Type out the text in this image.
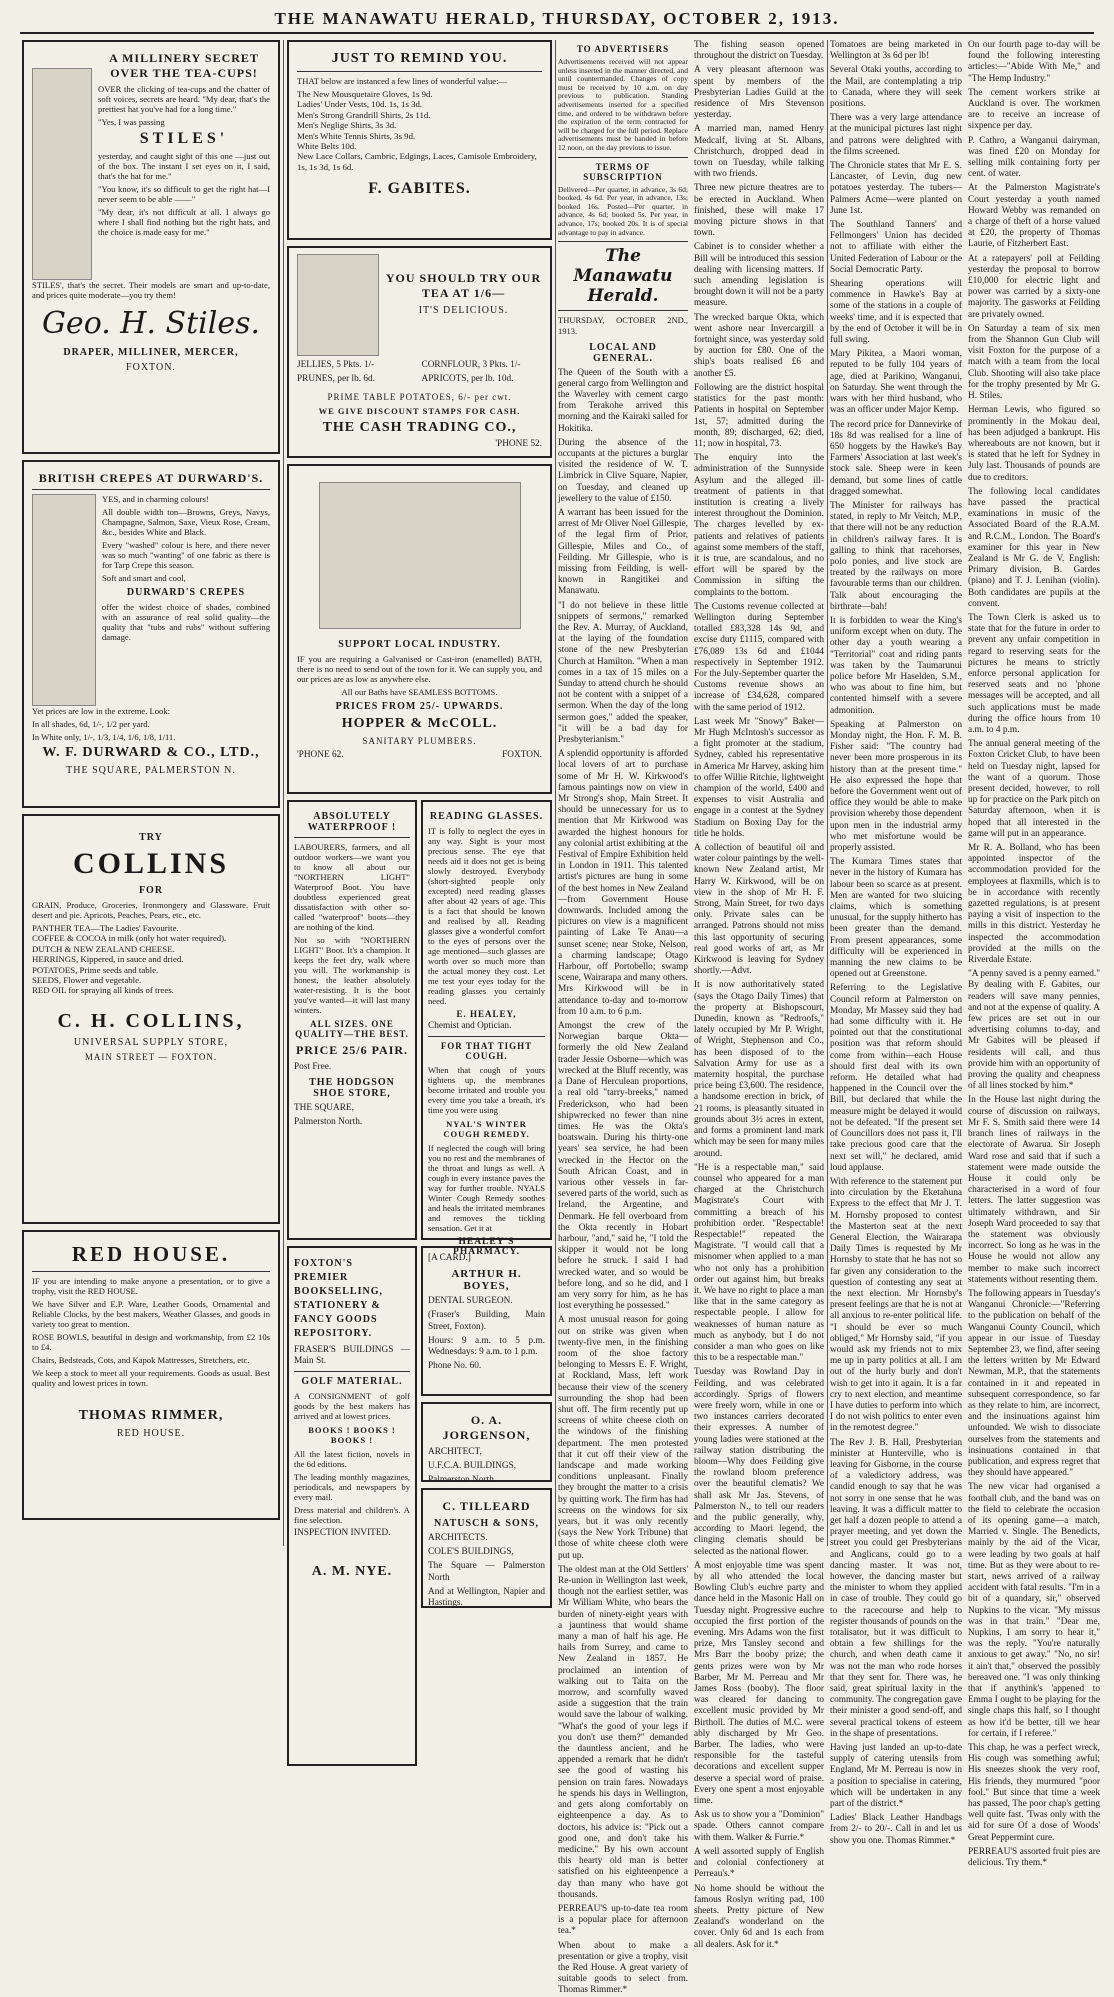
THE MANAWATU HERALD, THURSDAY, OCTOBER 2, 1913.
A MILLINERY SECRET OVER THE TEA-CUPS!

OVER the clicking of tea-cups and the chatter of soft voices, secrets are heard. "My dear, that's the prettiest hat you've had for a long time."

"Yes, I was passing

STILES'

yesterday, and caught sight of this one —just out of the box. The instant I set eyes on it, I said, that's the hat for me."

"You know, it's so difficult to get the right hat—I never seem to be able ——"

"My dear, it's not difficult at all. I always go where I shall find nothing but the right hats, and the choice is made easy for me."

STILES', that's the secret. Their models are smart and up-to-date, and prices quite moderate—you try them!

Geo. H. Stiles.
DRAPER, MILLINER, MERCER,
FOXTON.
BRITISH CREPES AT DURWARD'S.

YES, and in charming colours!

All double width ton—Browns, Greys, Navys, Champagne, Salmon, Saxe, Vieux Rose, Cream, &c., besides White and Black.

Every "washed" colour is here, and there never was so much "wanting" of one fabric as there is for Tarp Crepe this season.

Soft and smart and cool,

DURWARD'S CREPES

offer the widest choice of shades, combined with an assurance of real solid quality—the quality that "tubs and rubs" without suffering damage.

Yet prices are low in the extreme. Look:

In all shades, 6d, 1/-, 1/2 per yard.

In White only, 1/-, 1/3, 1/4, 1/6, 1/8, 1/11.

W. F. DURWARD & CO., LTD.,
THE SQUARE, PALMERSTON N.
TRY
COLLINS
FOR

GRAIN, Produce, Groceries, Ironmongery and Glassware. Fruit desert and pie. Apricots, Peaches, Pears, etc., etc.

PANTHER TEA—The Ladies' Favourite.
COFFEE & COCOA in milk (only hot water required).
DUTCH & NEW ZEALAND CHEESE.
HERRINGS, Kippered, in sauce and dried.
POTATOES, Prime seeds and table.
SEEDS, Flower and vegetable.
RED OIL for spraying all kinds of trees.
C. H. COLLINS,
UNIVERSAL SUPPLY STORE,
MAIN STREET — FOXTON.
RED HOUSE.

IF you are intending to make anyone a presentation, or to give a trophy, visit the RED HOUSE.

We have Silver and E.P. Ware, Leather Goods, Ornamental and Reliable Clocks, by the best makers, Weather Glasses, and goods in variety too great to mention.

ROSE BOWLS, beautiful in design and workmanship, from £2 10s to £4.

Chairs, Bedsteads, Cots, and Kapok Mattresses, Stretchers, etc.

We keep a stock to meet all your requirements. Goods as usual. Best quality and lowest prices in town.

THOMAS RIMMER,
RED HOUSE.
JUST TO REMIND YOU.

THAT below are instanced a few lines of wonderful value:—

The New Mousquetaire Gloves, 1s 9d.
Ladies' Under Vests, 10d. 1s, 1s 3d.
Men's Strong Grandrill Shirts, 2s 11d.
Men's Neglige Shirts, 3s 3d.
Men's White Tennis Shirts, 3s 9d.
White Belts 10d.
New Lace Collars, Cambric, Edgings, Laces, Camisole Embroidery, 1s, 1s 3d, 1s 6d.
F. GABITES.
YOU SHOULD TRY OUR TEA AT 1/6—
IT'S DELICIOUS.
JELLIES, 5 Pkts. 1/-	CORNFLOUR, 3 Pkts. 1/-
PRUNES, per lb. 6d.	APRICOTS, per lb. 10d.
PRIME TABLE POTATOES, 6/- per cwt.
WE GIVE DISCOUNT STAMPS FOR CASH.
THE CASH TRADING CO.,
'PHONE 52.
SUPPORT LOCAL INDUSTRY.

IF you are requiring a Galvanised or Cast-iron (enamelled) BATH, there is no need to send out of the town for it. We can supply you, and our prices are as low as anywhere else.

All our Baths have SEAMLESS BOTTOMS.

PRICES FROM 25/- UPWARDS.
HOPPER & McCOLL.
SANITARY PLUMBERS.
'PHONE 62.	FOXTON.
ABSOLUTELY WATERPROOF !

LABOURERS, farmers, and all outdoor workers—we want you to know all about our "NORTHERN LIGHT" Waterproof Boot. You have doubtless experienced great dissatisfaction with other so-called "waterproof" boots—they are nothing of the kind.

Not so with "NORTHERN LIGHT" Boot. It's a champion. It keeps the feet dry, walk where you will. The workmanship is honest, the leather absolutely water-resisting. It is the boot you've wanted—it will last many winters.

ALL SIZES. ONE QUALITY—THE BEST.
PRICE 25/6 PAIR.
Post Free.
THE HODGSON SHOE STORE,
THE SQUARE,
Palmerston North.
READING GLASSES.

IT is folly to neglect the eyes in any way. Sight is your most precious sense. The eye that needs aid it does not get is being slowly destroyed. Everybody (short-sighted people only excepted) need reading glasses after about 42 years of age. This is a fact that should be known and realised by all. Reading glasses give a wonderful comfort to the eyes of persons over the age mentioned—such glasses are worth over so much more than the actual money they cost. Let me test your eyes today for the reading glasses you certainly need.

E. HEALEY,
Chemist and Optician.
FOR THAT TIGHT COUGH.

When that cough of yours tightens up, the membranes become irritated and trouble you every time you take a breath, it's time you were using

NYAL'S WINTER COUGH REMEDY.

If neglected the cough will bring you no rest and the membranes of the throat and lungs as well. A cough in every instance paves the way for further trouble. NYALS Winter Cough Remedy soothes and heals the irritated membranes and removes the tickling sensation. Get it at

HEALEY'S PHARMACY.
FOXTON'S PREMIER BOOKSELLING, STATIONERY & FANCY GOODS REPOSITORY.
FRASER'S BUILDINGS — Main St.
GOLF MATERIAL.

A CONSIGNMENT of golf goods by the best makers has arrived and at lowest prices.

BOOKS ! BOOKS ! BOOKS !

All the latest fiction, novels in the 6d editions.

The leading monthly magazines, periodicals, and newspapers by every mail.

Dress material and children's. A fine selection.

INSPECTION INVITED.
A. M. NYE.
[A CARD.]
ARTHUR H. BOYES,
DENTAL SURGEON.
(Fraser's Building, Main Street, Foxton).
Hours: 9 a.m. to 5 p.m. Wednesdays: 9 a.m. to 1 p.m.
Phone No. 60.
O. A. JORGENSON,
ARCHITECT,
U.F.C.A. BUILDINGS,
Palmerston North.
C. TILLEARD
NATUSCH & SONS,
ARCHITECTS.
COLE'S BUILDINGS,
The Square — Palmerston North
And at Wellington, Napier and Hastings.
TO ADVERTISERS

Advertisements received will not appear unless inserted in the manner directed, and until countermanded. Changes of copy must be received by 10 a.m. on day previous to publication. Standing advertisements inserted for a specified time, and ordered to be withdrawn before the expiration of the term contracted for will be charged for the full period. Replace advertisements must be handed in before 12 noon, on the day previous to issue.

TERMS OF SUBSCRIPTION

Delivered—Per quarter, in advance, 3s 6d; booked, 4s 6d. Per year, in advance, 13s; booked 16s. Posted—Per quarter, in advance, 4s 6d; booked 5s. Per year, in advance, 17s; booked 20s. It is of special advantage to pay in advance.

The Manawatu Herald.
THURSDAY, OCTOBER 2ND., 1913.
LOCAL AND GENERAL.

The Queen of the South with a general cargo from Wellington and the Waverley with cement cargo from Terakohe arrived this morning and the Kairaki sailed for Hokitika.

During the absence of the occupants at the pictures a burglar visited the residence of W. T. Limbrick in Clive Square, Napier, on Tuesday, and cleaned up jewellery to the value of £150.

A warrant has been issued for the arrest of Mr Oliver Noel Gillespie, of the legal firm of Prior, Gillespie, Miles and Co., of Feilding. Mr Gillespie, who is missing from Feilding, is well-known in Rangitikei and Manawatu.

"I do not believe in these little snippets of sermons," remarked the Rev. A. Murray, of Auckland, at the laying of the foundation stone of the new Presbyterian Church at Hamilton. "When a man comes in a tax of 15 miles on a Sunday to attend church he should not be content with a snippet of a sermon. When the day of the long sermon goes," added the speaker, "it will be a bad day for Presbyterianism."

A splendid opportunity is afforded local lovers of art to purchase some of Mr H. W. Kirkwood's famous paintings now on view in Mr Strong's shop, Main Street. It should be unnecessary for us to mention that Mr Kirkwood was awarded the highest honours for any colonial artist exhibiting at the Festival of Empire Exhibition held in London in 1911. This talented artist's pictures are hung in some of the best homes in New Zealand—from Government House downwards. Included among the pictures on view is a magnificent painting of Lake Te Anau—a sunset scene; near Stoke, Nelson, a charming landscape; Otago Harbour, off Portobello; swamp scene, Wairarapa and many others. Mrs Kirkwood will be in attendance to-day and to-morrow from 10 a.m. to 6 p.m.

Amongst the crew of the Norwegian barque Okta—formerly the old New Zealand trader Jessie Osborne—which was wrecked at the Bluff recently, was a Dane of Herculean proportions, a real old "tarry-breeks," named Frederickson, who had been shipwrecked no fewer than nine times. He was the Okta's boatswain. During his thirty-one years' sea service, he had been wrecked in the Hector on the South African Coast, and in various other vessels in far-severed parts of the world, such as Ireland, the Argentine, and Denmark. He fell overboard from the Okta recently in Hobart harbour, "and," said he, "I told the skipper it would not be long before he struck. I said I had wrecked water, and so would be before long, and so he did, and I am very sorry for him, as he has lost everything he possessed."

A most unusual reason for going out on strike was given when twenty-five men, in the finishing room of the shoe factory belonging to Messrs E. F. Wright, at Rockland, Mass, left work because their view of the scenery surrounding the shop had been shut off. The firm recently put up screens of white cheese cloth on the windows of the finishing department. The men protested that it cut off their view of the landscape and made working conditions unpleasant. Finally they brought the matter to a crisis by quitting work. The firm has had screens on the windows for six years, but it was only recently (says the New York Tribune) that those of white cheese cloth were put up.

The oldest man at the Old Settlers' Re-union in Wellington last week, though not the earliest settler, was Mr William White, who bears the burden of ninety-eight years with a jauntiness that would shame many a man of half his age. He hails from Surrey, and came to New Zealand in 1857. He proclaimed an intention of walking out to Taita on the morrow, and scornfully waved aside a suggestion that the train would save the labour of walking. "What's the good of your legs if you don't use them?" demanded the dauntless ancient, and he appended a remark that he didn't see the good of wasting his pension on train fares. Nowadays he spends his days in Wellington, and gets along comfortably on eighteenpence a day. As to doctors, his advice is: "Pick out a good one, and don't take his medicine." By his own account this hearty old man is better satisfied on his eighteenpence a day than many who have got thousands.

PERREAU'S up-to-date tea room is a popular place for afternoon tea.*

When about to make a presentation or give a trophy, visit the Red House. A great variety of suitable goods to select from. Thomas Rimmer.*

The fishing season opened throughout the district on Tuesday.

A very pleasant afternoon was spent by members of the Presbyterian Ladies Guild at the residence of Mrs Stevenson yesterday.

A married man, named Henry Medcalf, living at St. Albans, Christchurch, dropped dead in town on Tuesday, while talking with two friends.

Three new picture theatres are to be erected in Auckland. When finished, these will make 17 moving picture shows in that town.

Cabinet is to consider whether a Bill will be introduced this session dealing with licensing matters. If such amending legislation is brought down it will not be a party measure.

The wrecked barque Okta, which went ashore near Invercargill a fortnight since, was yesterday sold by auction for £80. One of the ship's boats realised £6 and another £5.

Following are the district hospital statistics for the past month: Patients in hospital on September 1st, 57; admitted during the month, 89; discharged, 62; died, 11; now in hospital, 73.

The enquiry into the administration of the Sunnyside Asylum and the alleged ill-treatment of patients in that institution is creating a lively interest throughout the Dominion. The charges levelled by ex-patients and relatives of patients against some members of the staff, it is true, are scandalous, and no effort will be spared by the Commission in sifting the complaints to the bottom.

The Customs revenue collected at Wellington during September totalled £83,328 14s 9d, and excise duty £1115, compared with £76,089 13s 6d and £1044 respectively in September 1912. For the July-September quarter the Customs revenue shows an increase of £34,628, compared with the same period of 1912.

Last week Mr "Snowy" Baker—Mr Hugh McIntosh's successor as a fight promoter at the stadium, Sydney, cabled his representative in America Mr Harvey, asking him to offer Willie Ritchie, lightweight champion of the world, £400 and expenses to visit Australia and engage in a contest at the Sydney Stadium on Boxing Day for the title he holds.

A collection of beautiful oil and water colour paintings by the well-known New Zealand artist, Mr Harry W. Kirkwood, will be on view in the shop of Mr H. F. Strong, Main Street, for two days only. Private sales can be arranged. Patrons should not miss this last opportunity of securing real good works of art, as Mr Kirkwood is leaving for Sydney shortly.—Advt.

It is now authoritatively stated (says the Otago Daily Times) that the property at Bishopscourt, Dunedin, known as "Redroofs," lately occupied by Mr P. Wright, of Wright, Stephenson and Co., has been disposed of to the Salvation Army for use as a maternity hospital, the purchase price being £3,600. The residence, a handsome erection in brick, of 21 rooms, is pleasantly situated in grounds about 3½ acres in extent, and forms a prominent land mark which may be seen for many miles around.

"He is a respectable man," said counsel who appeared for a man charged at the Christchurch Magistrate's Court with committing a breach of his prohibition order. "Respectable! Respectable!" repeated the Magistrate. "I would call that a misnomer when applied to a man who not only has a prohibition order out against him, but breaks it. We have no right to place a man like that in the same category as respectable people. I allow for weaknesses of human nature as much as anybody, but I do not consider a man who goes on like this to be a respectable man."

Tuesday was Rowland Day in Feilding, and was celebrated accordingly. Sprigs of flowers were freely worn, while in one or two instances carriers decorated their expresses. A number of young ladies were stationed at the railway station distributing the bloom—Why does Feilding give the rowland bloom preference over the beautiful clematis? We shall ask Mr Jas. Stevens, of Palmerston N., to tell our readers and the public generally, why, according to Maori legend, the clinging clematis should be selected as the national flower.

A most enjoyable time was spent by all who attended the local Bowling Club's euchre party and dance held in the Masonic Hall on Tuesday night. Progressive euchre occupied the first portion of the evening. Mrs Adams won the first prize, Mrs Tansley second and Mrs Barr the booby prize; the gents prizes were won by Mr Barber, Mr M. Perreau and Mr James Ross (booby). The floor was cleared for dancing to excellent music provided by Mr Birtholl. The duties of M.C. were ably discharged by Mr Geo. Barber. The ladies, who were responsible for the tasteful decorations and excellent supper deserve a special word of praise. Every one spent a most enjoyable time.

Ask us to show you a "Dominion" spade. Others cannot compare with them. Walker & Furrie.*

A well assorted supply of English and colonial confectionery at Perreau's.*

No home should be without the famous Roslyn writing pad, 100 sheets. Pretty picture of New Zealand's wonderland on the cover. Only 6d and 1s each from all dealers. Ask for it.*

Tomatoes are being marketed in Wellington at 3s 6d per lb!

Several Otaki youths, according to the Mail, are contemplating a trip to Canada, where they will seek positions.

There was a very large attendance at the municipal pictures last night and patrons were delighted with the films screened.

The Chronicle states that Mr E. S. Lancaster, of Levin, dug new potatoes yesterday. The tubers—Palmers Acme—were planted on June 1st.

The Southland Tanners' and Fellmongers' Union has decided not to affiliate with either the United Federation of Labour or the Social Democratic Party.

Shearing operations will commence in Hawke's Bay at some of the stations in a couple of weeks' time, and it is expected that by the end of October it will be in full swing.

Mary Pikitea, a Maori woman, reputed to be fully 104 years of age, died at Parikino, Wanganui, on Saturday. She went through the wars with her third husband, who was an officer under Major Kemp.

The record price for Dannevirke of 18s 8d was realised for a line of 650 hoggets by the Hawke's Bay Farmers' Association at last week's stock sale. Sheep were in keen demand, but some lines of cattle dragged somewhat.

The Minister for railways has stated, in reply to Mr Veitch, M.P., that there will not be any reduction in children's railway fares. It is galling to think that racehorses, polo ponies, and live stock are treated by the railways on more favourable terms than our children. Talk about encouraging the birthrate—bah!

It is forbidden to wear the King's uniform except when on duty. The other day a youth wearing a "Territorial" coat and riding pants was taken by the Taumarunui police before Mr Haselden, S.M., who was about to fine him, but contented himself with a severe admonition.

Speaking at Palmerston on Monday night, the Hon. F. M. B. Fisher said: "The country had never been more prosperous in its history than at the present time." He also expressed the hope that before the Government went out of office they would be able to make provision whereby those dependent upon men in the industrial army who met misfortune would be properly assisted.

The Kumara Times states that never in the history of Kumara has labour been so scarce as at present. Men are wanted for two sluicing claims, which is something unusual, for the supply hitherto has been greater than the demand. From present appearances, some difficulty will be experienced in manning the new claims to be opened out at Greenstone.

Referring to the Legislative Council reform at Palmerston on Monday, Mr Massey said they had had some difficulty with it. He pointed out that the constitutional position was that reform should come from within—each House should first deal with its own reform. He detailed what had happened in the Council over the Bill, but declared that while the measure might be delayed it would not be defeated. "If the present set of Councillors does not pass it, I'll take precious good care that the next set will," he declared, amid loud applause.

With reference to the statement put into circulation by the Eketahuna Express to the effect that Mr J. T. M. Hornsby proposed to contest the Masterton seat at the next General Election, the Wairarapa Daily Times is requested by Mr Hornsby to state that he has not so far given any consideration to the question of contesting any seat at the next election. Mr Hornsby's present feelings are that he is not at all anxious to re-enter political life. "I should be ever so much obliged," Mr Hornsby said, "if you would ask my friends not to mix me up in party politics at all. I am out of the hurly burly and don't wish to get into it again. It is a far cry to next election, and meantime I have duties to perform into which I do not wish politics to enter even in the remotest degree."

The Rev J. B. Hall, Presbyterian minister at Hunterville, who is leaving for Gisborne, in the course of a valedictory address, was candid enough to say that he was not sorry in one sense that he was leaving. It was a difficult matter to get half a dozen people to attend a prayer meeting, and yet down the street you could get Presbyterians and Anglicans, could go to a dancing master. It was not, however, the dancing master but the minister to whom they applied in case of trouble. They could go to the racecourse and help to register thousands of pounds on the totalisator, but it was difficult to obtain a few shillings for the church, and when death came it was not the man who rode horses that they sent for. There was, he said, great spiritual laxity in the community. The congregation gave their minister a good send-off, and several practical tokens of esteem in the shape of presentations.

Having just landed an up-to-date supply of catering utensils from England, Mr M. Perreau is now in a position to specialise in catering, which will be undertaken in any part of the district.*

Ladies' Black Leather Handbags from 2/- to 20/-. Call in and let us show you one. Thomas Rimmer.*

On our fourth page to-day will be found the following interesting articles:—"Abide With Me," and "The Hemp Industry."

The cement workers strike at Auckland is over. The workmen are to receive an increase of sixpence per day.

P. Cathro, a Wanganui dairyman, was fined £20 on Monday for selling milk containing forty per cent. of water.

At the Palmerston Magistrate's Court yesterday a youth named Howard Webby was remanded on a charge of theft of a horse valued at £20, the property of Thomas Laurie, of Fitzherbert East.

At a ratepayers' poll at Feilding yesterday the proposal to borrow £10,000 for electric light and power was carried by a sixty-one majority. The gasworks at Feilding are privately owned.

On Saturday a team of six men from the Shannon Gun Club will visit Foxton for the purpose of a match with a team from the local Club. Shooting will also take place for the trophy presented by Mr G. H. Stiles.

Herman Lewis, who figured so prominently in the Mokau deal, has been adjudged a bankrupt. His whereabouts are not known, but it is stated that he left for Sydney in July last. Thousands of pounds are due to creditors.

The following local candidates have passed the practical examinations in music of the Associated Board of the R.A.M. and R.C.M., London. The Board's examiner for this year in New Zealand is Mr G. de V. English: Primary division, B. Gardes (piano) and T. J. Lenihan (violin). Both candidates are pupils at the convent.

The Town Clerk is asked us to state that for the future in order to prevent any unfair competition in regard to reserving seats for the pictures he means to strictly enforce personal application for reserved seats and no 'phone messages will be accepted, and all such applications must be made during the office hours from 10 a.m. to 4 p.m.

The annual general meeting of the Foxton Cricket Club, to have been held on Tuesday night, lapsed for the want of a quorum. Those present decided, however, to roll up for practice on the Park pitch on Saturday afternoon, when it is hoped that all interested in the game will put in an appearance.

Mr R. A. Bolland, who has been appointed inspector of the accommodation provided for the employees at flaxmills, which is to be in accordance with recently gazetted regulations, is at present paying a visit of inspection to the mills in this district. Yesterday he inspected the accommodation provided at the mills on the Riverdale Estate.

"A penny saved is a penny earned." By dealing with F. Gabites, our readers will save many pennies, and not at the expense of quality. A few prices are set out in our advertising columns to-day, and Mr Gabites will be pleased if residents will call, and thus provide him with an opportunity of proving the quality and cheapness of all lines stocked by him.*

In the House last night during the course of discussion on railways, Mr F. S. Smith said there were 14 branch lines of railways in the electorate of Awarua. Sir Joseph Ward rose and said that if such a statement were made outside the House it could only be characterised in a word of four letters. The latter suggestion was ultimately withdrawn, and Sir Joseph Ward proceeded to say that the statement was obviously incorrect. So long as he was in the House he would not allow any member to make such incorrect statements without resenting them.

The following appears in Tuesday's Wanganui Chronicle:—"Referring to the publication on behalf of the Wanganui County Council, which appear in our issue of Tuesday September 23, we find, after seeing the letters written by Mr Edward Newman, M.P., that the statements contained in it and repeated in subsequent correspondence, so far as they relate to him, are incorrect, and the insinuations against him unfounded. We wish to dissociate ourselves from the statements and insinuations contained in that publication, and express regret that they should have appeared."

The new vicar had organised a football club, and the band was on the field to celebrate the occasion of its opening game—a match, Married v. Single. The Benedicts, mainly by the aid of the Vicar, were leading by two goals at half time. But as they were about to re-start, news arrived of a railway accident with fatal results. "I'm in a bit of a quandary, sir," observed Nupkins to the vicar. "My missus was in that train." "Dear me, Nupkins, I am sorry to hear it," was the reply. "You're naturally anxious to get away." "No, no sir! it ain't that," observed the possibly bereaved one. "I was only thinking that if anythink's 'appened to Emma I ought to be playing for the single chaps this half, so I thought as how it'd be better, till we hear for certain, if I referee."

This chap, he was a perfect wreck, His cough was something awful; His sneezes shook the very roof, His friends, they murmured "poor fool." But since that time a week has passed, The poor chap's getting well quite fast. 'Twas only with the aid for sure Of a dose of Woods' Great Peppermint cure.

PERREAU'S assorted fruit pies are delicious. Try them.*
